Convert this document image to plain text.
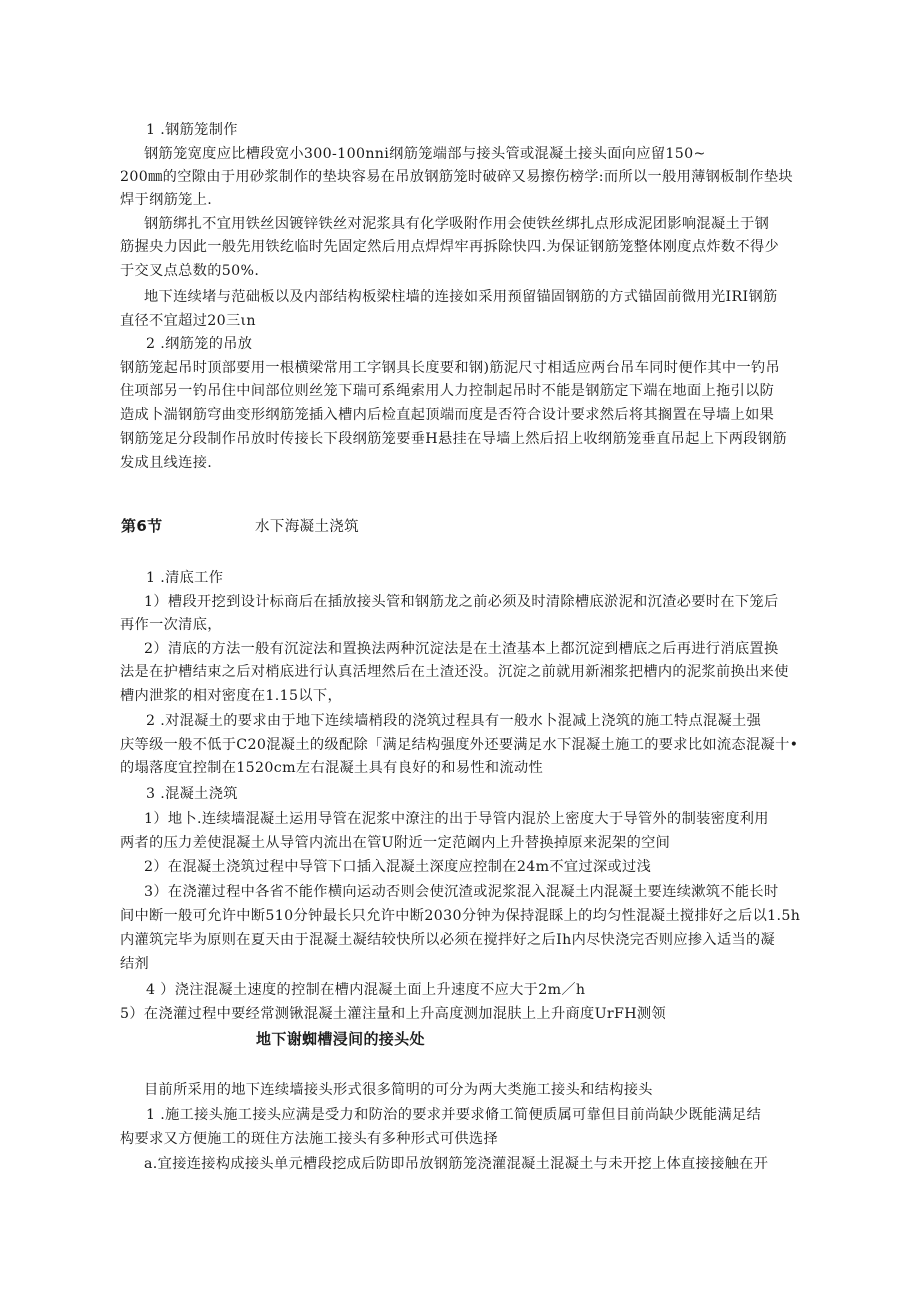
1 .钢筋笼制作
钢筋笼宽度应比槽段宽小300-100nni纲筋笼端部与接头管或混凝土接头面向应留150~
200㎜的空隙由于用砂浆制作的垫块容易在吊放钢筋笼时破碎又易擦伤榜学:而所以一般用薄钢板制作垫块
焊于纲筋笼上.
钢筋绑扎不宜用铁丝因镀锌铁丝对泥浆具有化学吸附作用会使铁丝绑扎点形成泥团影响混凝土于钢
筋握央力因此一般先用铁纥临时先固定然后用点焊焊牢再拆除快四.为保证钢筋笼整体刚度点炸数不得少
于交叉点总数的50%.
地下连续堵与范础板以及内部结构板梁柱墙的连接如采用预留锚固钢筋的方式锚固前微用光IRI钢筋
直径不宜超过20三ιn
2 .纲筋笼的吊放
钢筋笼起吊时顶部要用一根横梁常用工字钢具长度要和钢)筋泥尺寸相适应两台吊车同时便作其中一钓吊
住项部另一钓吊住中间部位则丝笼下瑞可系绳索用人力控制起吊时不能是钢筋定下端在地面上拖引以防
造成卜湍钢筋穹曲变形纲筋笼插入槽内后检直起顶端而度是否符合设计要求然后将其搁置在导墙上如果
钢筋笼足分段制作吊放时传接长下段纲筋笼要垂H悬挂在导墙上然后招上收纲筋笼垂直吊起上下两段钢筋
发成且线连接.
第6节	水下海凝土浇筑
1 .清底工作
1）槽段开挖到设计标商后在插放接头管和钢筋龙之前必须及时清除槽底淤泥和沉渣必要时在下笼后
再作一次清底，
2）清底的方法一般有沉淀法和置换法两种沉淀法是在土渣基本上都沉淀到槽底之后再进行消底置换
法是在护槽结束之后对梢底进行认真活埋然后在土渣还没。沉淀之前就用新湘浆把槽内的泥浆前换出来使
槽内泄浆的相对密度在1.15以下，
2 .对混凝土的要求由于地下连续墙梢段的浇筑过程具有一般水卜混减上浇筑的施工特点混凝土强
庆等级一般不低于C20混凝土的级配除「满足结构强度外还要满足水下混凝土施工的要求比如流态混凝十•
的塌落度宜控制在1520cm左右混凝土具有良好的和易性和流动性
3 .混凝土浇筑
1）地卜.连续墙混凝土运用导管在泥浆中潦注的出于导管内混於上密度大于导管外的制装密度利用
两者的压力差使混凝土从导管内流出在管U附近一定范阚内上升替换掉原来泥架的空间
2）在混凝土浇筑过程中导管下口插入混凝土深度应控制在24m不宜过深或过浅
3）在浇灌过程中各省不能作横向运动否则会使沉渣或泥浆混入混凝土内混凝土要连续漱筑不能长时
间中断一般可允许中断510分钟最长只允许中断2030分钟为保持混睬上的均匀性混凝土搅排好之后以1.5h
内灌筑完毕为原则在夏天由于混凝土凝结较快所以必须在搅拌好之后Ih内尽快浇完否则应掺入适当的凝
结剂
4 ）浇注混凝土速度的控制在槽内混凝土面上升速度不应大于2m／h
5）在浇灌过程中要经常测锹混凝土灌注量和上升高度测加混肤上上升商度UrFH测领
地下谢蜘槽浸间的接头处
目前所采用的地下连续墙接头形式很多简明的可分为两大类施工接头和结构接头
1 .施工接头施工接头应满是受力和防治的要求并要求脩工简便质属可靠但目前尚缺少既能满足结
构要求又方便施工的斑住方法施工接头有多种形式可供选择
a.宜接连接构成接头单元槽段挖成后防即吊放钢筋笼浇灌混凝土混凝土与未开挖上体直接接触在开
